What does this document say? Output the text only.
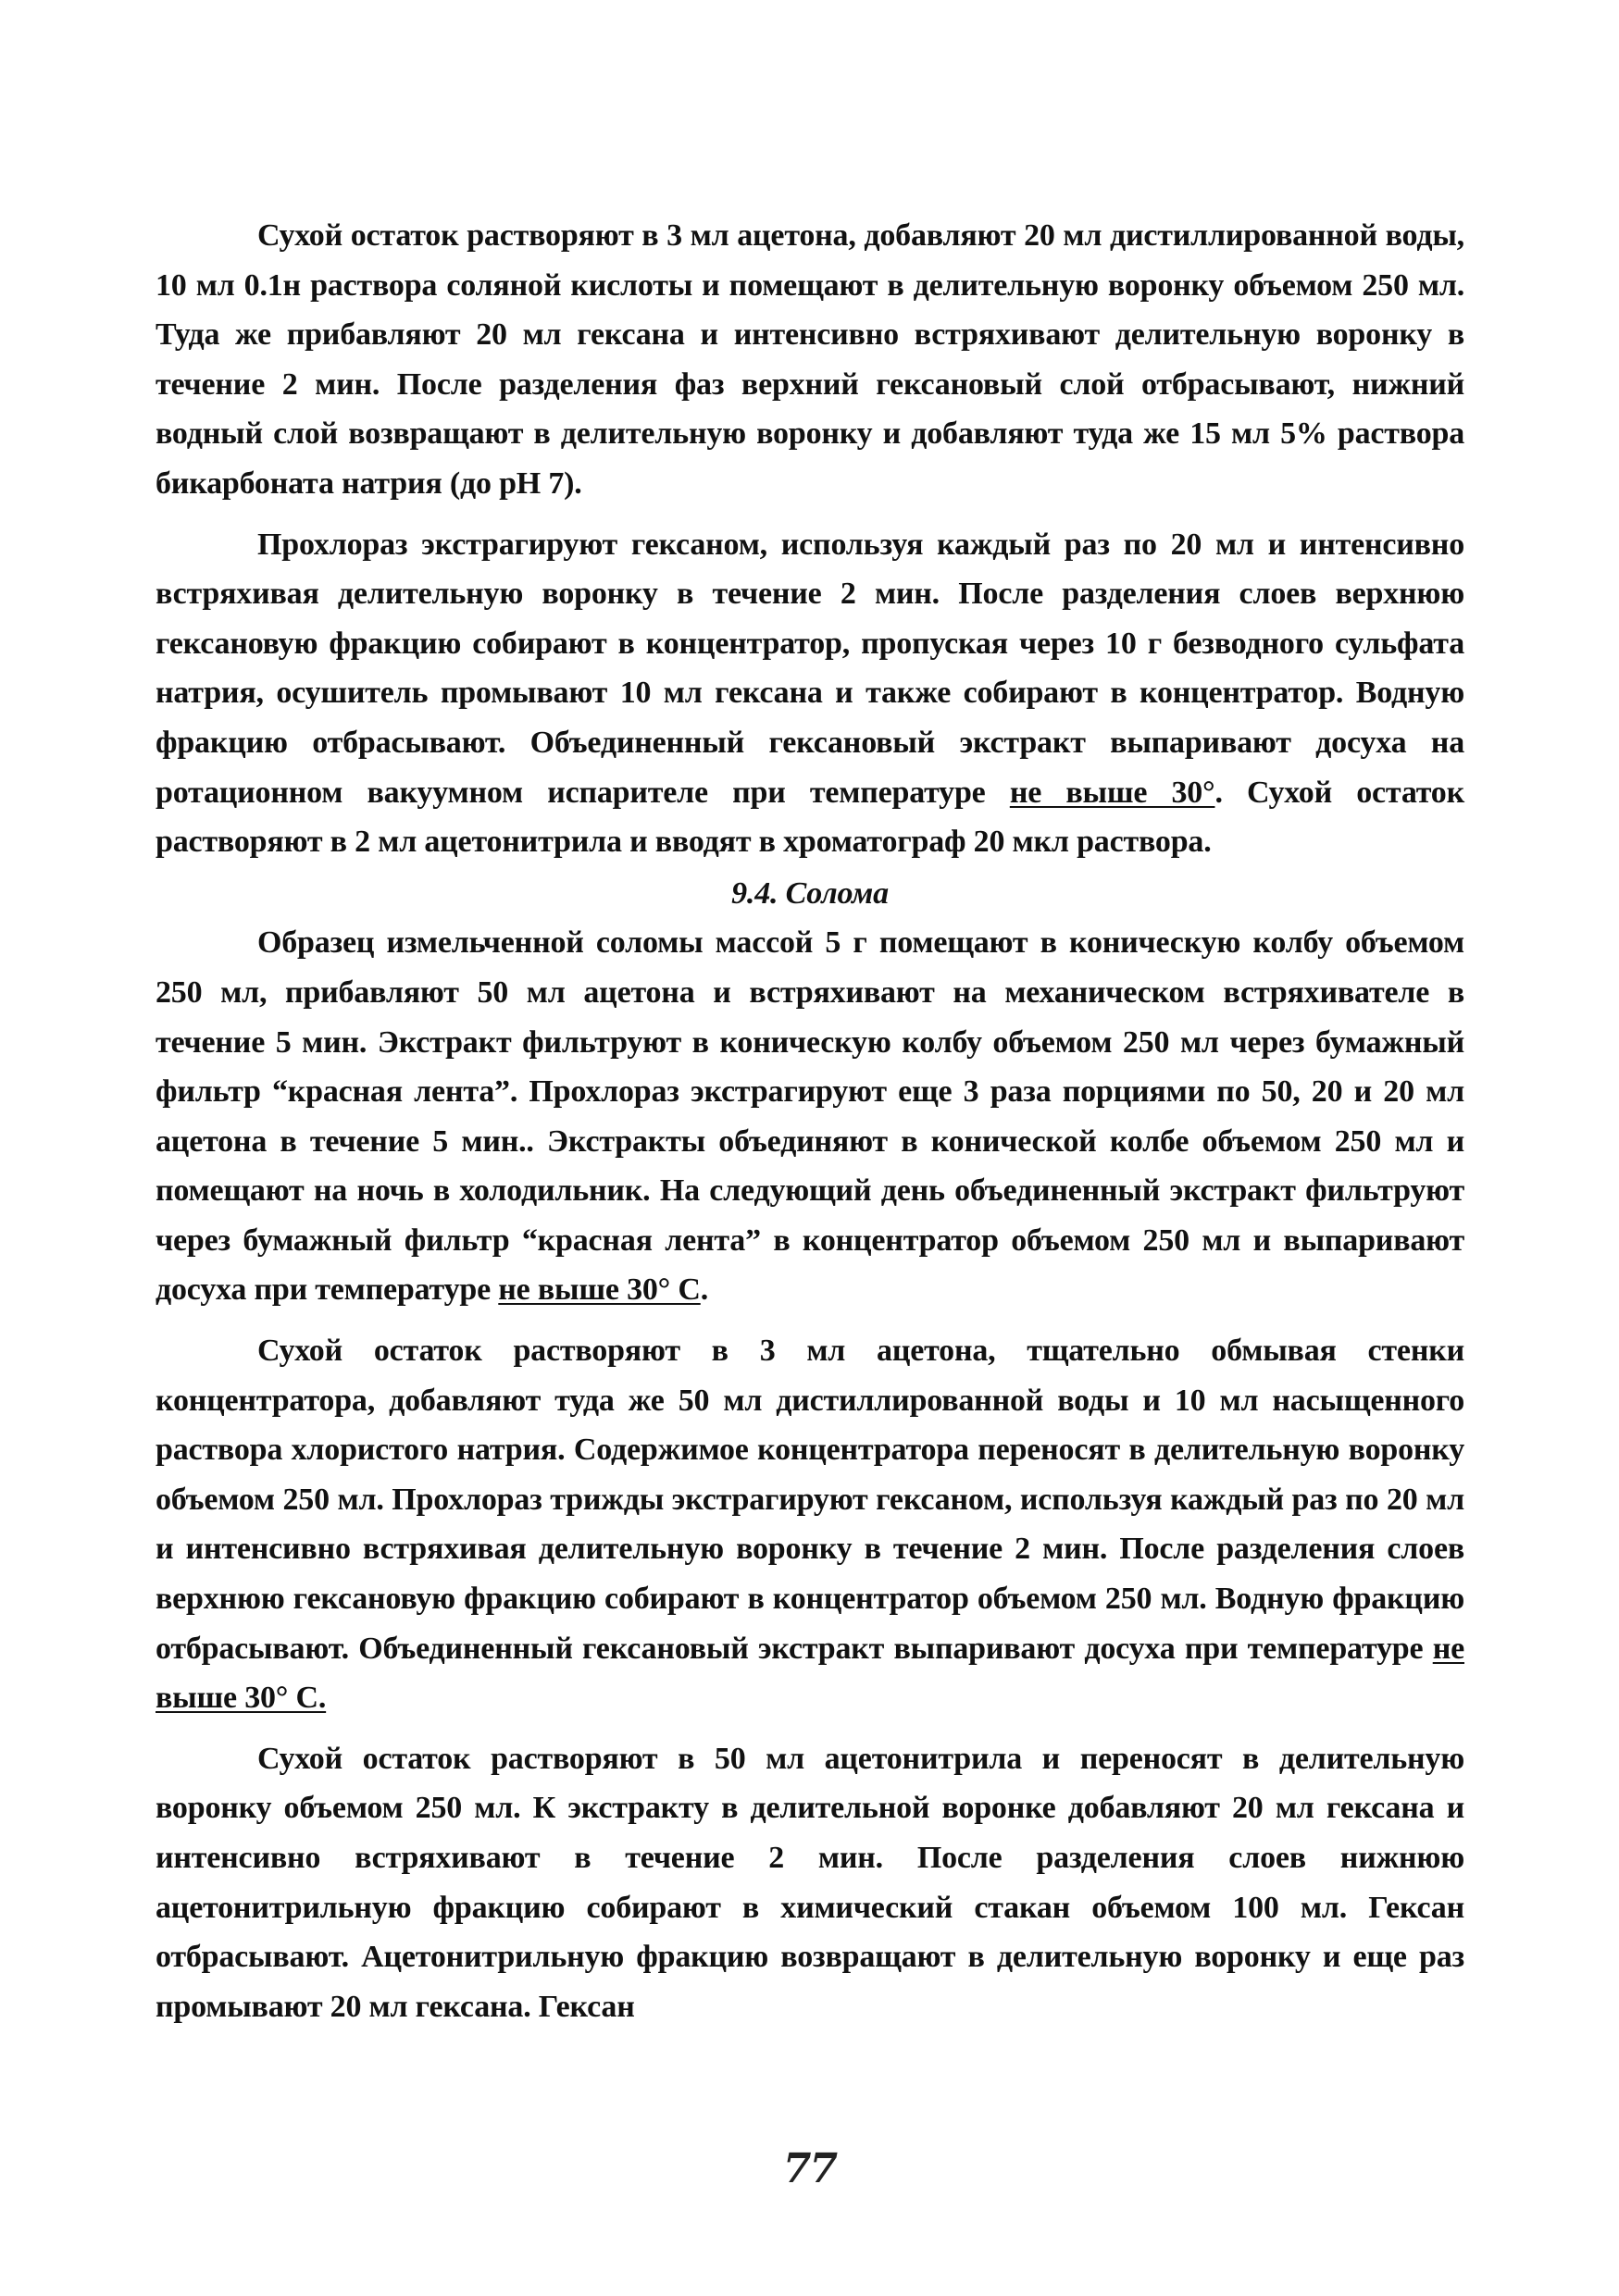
Сухой остаток растворяют в 3 мл ацетона, добавляют 20 мл дистиллированной воды, 10 мл 0.1н раствора соляной кислоты и помещают в делительную воронку объемом 250 мл. Туда же прибавляют 20 мл гексана и интенсивно встряхивают делительную воронку в течение 2 мин. После разделения фаз верхний гексановый слой отбрасывают, нижний водный слой возвращают в делительную воронку и добавляют туда же 15 мл 5% раствора бикарбоната натрия (до pH 7).

Прохлораз экстрагируют гексаном, используя каждый раз по 20 мл и интенсивно встряхивая делительную воронку в течение 2 мин. После разделения слоев верхнюю гексановую фракцию собирают в концентратор, пропуская через 10 г безводного сульфата натрия, осушитель промывают 10 мл гексана и также собирают в концентратор. Водную фракцию отбрасывают. Объединенный гексановый экстракт выпаривают досуха на ротационном вакуумном испарителе при температуре не выше 30°. Сухой остаток растворяют в 2 мл ацетонитрила и вводят в хроматограф 20 мкл раствора.

9.4. Солома

Образец измельченной соломы массой 5 г помещают в коническую колбу объемом 250 мл, прибавляют 50 мл ацетона и встряхивают на механическом встряхивателе в течение 5 мин. Экстракт фильтруют в коническую колбу объемом 250 мл через бумажный фильтр “красная лента”. Прохлораз экстрагируют еще 3 раза порциями по 50, 20 и 20 мл ацетона в течение 5 мин.. Экстракты объединяют в конической колбе объемом 250 мл и помещают на ночь в холодильник. На следующий день объединенный экстракт фильтруют через бумажный фильтр “красная лента” в концентратор объемом 250 мл и выпаривают досуха при температуре не выше 30° С.

Сухой остаток растворяют в 3 мл ацетона, тщательно обмывая стенки концентратора, добавляют туда же 50 мл дистиллированной воды и 10 мл насыщенного раствора хлористого натрия. Содержимое концентратора переносят в делительную воронку объемом 250 мл. Прохлораз трижды экстрагируют гексаном, используя каждый раз по 20 мл и интенсивно встряхивая делительную воронку в течение 2 мин. После разделения слоев верхнюю гексановую фракцию собирают в концентратор объемом 250 мл. Водную фракцию отбрасывают. Объединенный гексановый экстракт выпаривают досуха при температуре не выше 30° С.

Сухой остаток растворяют в 50 мл ацетонитрила и переносят в делительную воронку объемом 250 мл. К экстракту в делительной воронке добавляют 20 мл гексана и интенсивно встряхивают в течение 2 мин. После разделения слоев нижнюю ацетонитрильную фракцию собирают в химический стакан объемом 100 мл. Гексан отбрасывают. Ацетонитрильную фракцию возвращают в делительную воронку и еще раз промывают 20 мл гексана. Гексан

77
